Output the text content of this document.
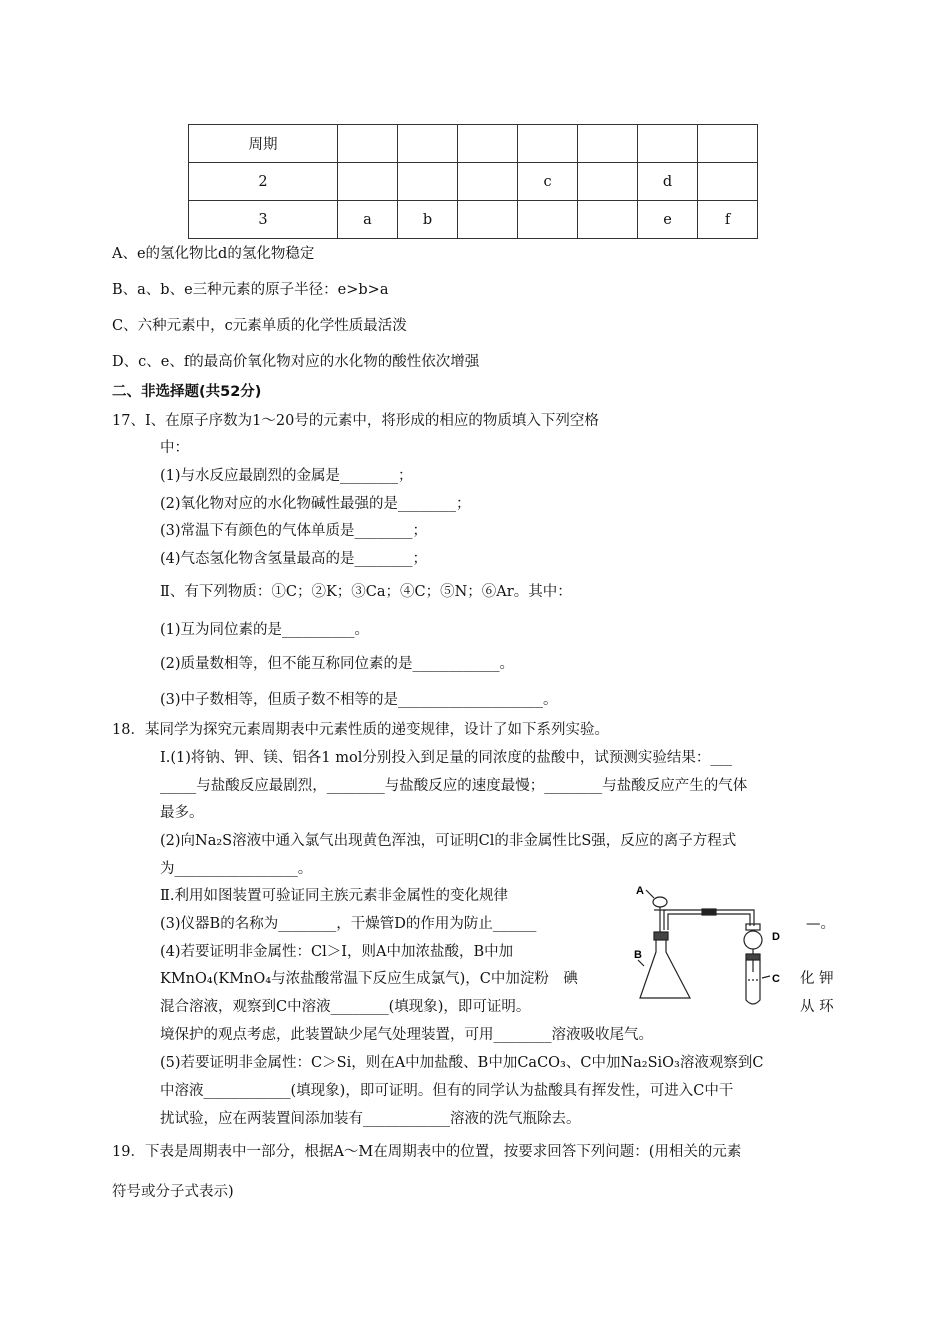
周期							
2				c		d	
3	a	b				e	f
A、e的氢化物比d的氢化物稳定
B、a、b、e三种元素的原子半径：e>b>a
C、六种元素中，c元素单质的化学性质最活泼
D、c、e、f的最高价氧化物对应的水化物的酸性依次增强
二、非选择题(共52分)
17、Ⅰ、在原子序数为1～20号的元素中，将形成的相应的物质填入下列空格
中：
(1)与水反应最剧烈的金属是________；
(2)氧化物对应的水化物碱性最强的是________；
(3)常温下有颜色的气体单质是________；
(4)气态氢化物含氢量最高的是________；
Ⅱ、有下列物质：①C；②K；③Ca；④C；⑤N；⑥Ar。其中：
(1)互为同位素的是__________。
(2)质量数相等，但不能互称同位素的是____________。
(3)中子数相等，但质子数不相等的是____________________。
18．某同学为探究元素周期表中元素性质的递变规律，设计了如下系列实验。
Ⅰ.(1)将钠、钾、镁、铝各1 mol分别投入到足量的同浓度的盐酸中，试预测实验结果：___
_____与盐酸反应最剧烈，________与盐酸反应的速度最慢；________与盐酸反应产生的气体
最多。
(2)向Na₂S溶液中通入氯气出现黄色浑浊，可证明Cl的非金属性比S强，反应的离子方程式
为_________________。
Ⅱ.利用如图装置可验证同主族元素非金属性的变化规律
(3)仪器B的名称为________，干燥管D的作用为防止______	—。
(4)若要证明非金属性：Cl＞I，则A中加浓盐酸，B中加
KMnO₄(KMnO₄与浓盐酸常温下反应生成氯气)，C中加淀粉　碘	化 钾
混合溶液，观察到C中溶液________(填现象)，即可证明。	从 环
境保护的观点考虑，此装置缺少尾气处理装置，可用________溶液吸收尾气。
(5)若要证明非金属性：C＞Si，则在A中加盐酸、B中加CaCO₃、C中加Na₂SiO₃溶液观察到C
中溶液____________(填现象)，即可证明。但有的同学认为盐酸具有挥发性，可进入C中干
扰试验，应在两装置间添加装有____________溶液的洗气瓶除去。
A
B
C
D
19．下表是周期表中一部分，根据A～M在周期表中的位置，按要求回答下列问题：(用相关的元素
符号或分子式表示)
